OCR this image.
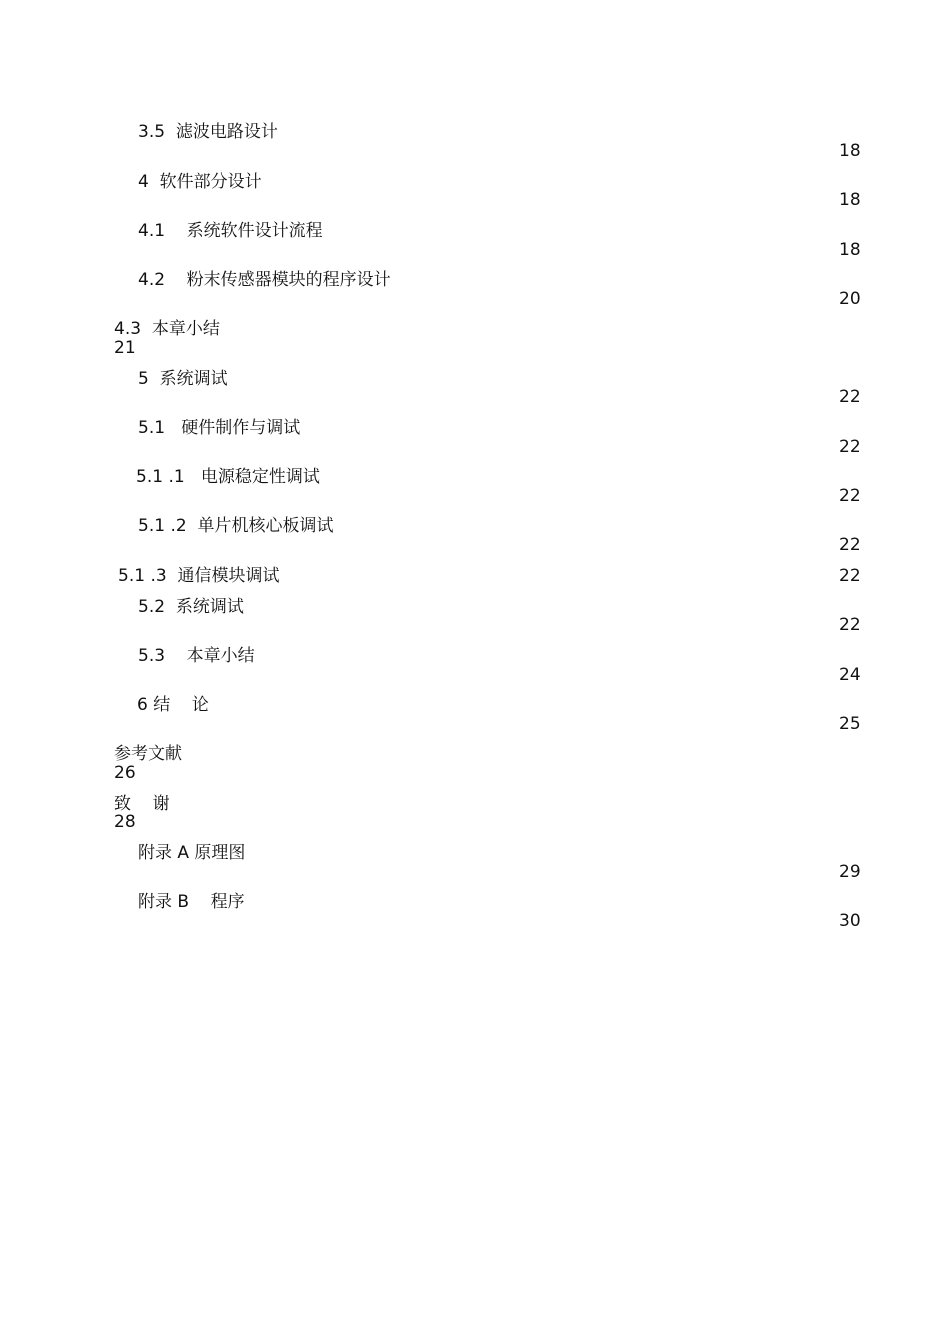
3.5  滤波电路设计
18
4  软件部分设计
18
4.1    系统软件设计流程
18
4.2    粉末传感器模块的程序设计
20
4.3  本章小结
21
5  系统调试
22
5.1   硬件制作与调试
22
5.1 .1   电源稳定性调试
22
5.1 .2  单片机核心板调试
22
5.1 .3  通信模块调试	22
5.2  系统调试
22
5.3    本章小结
24
6 结    论
25
参考文献
26
致    谢
28
附录 A 原理图
29
附录 B    程序
30
